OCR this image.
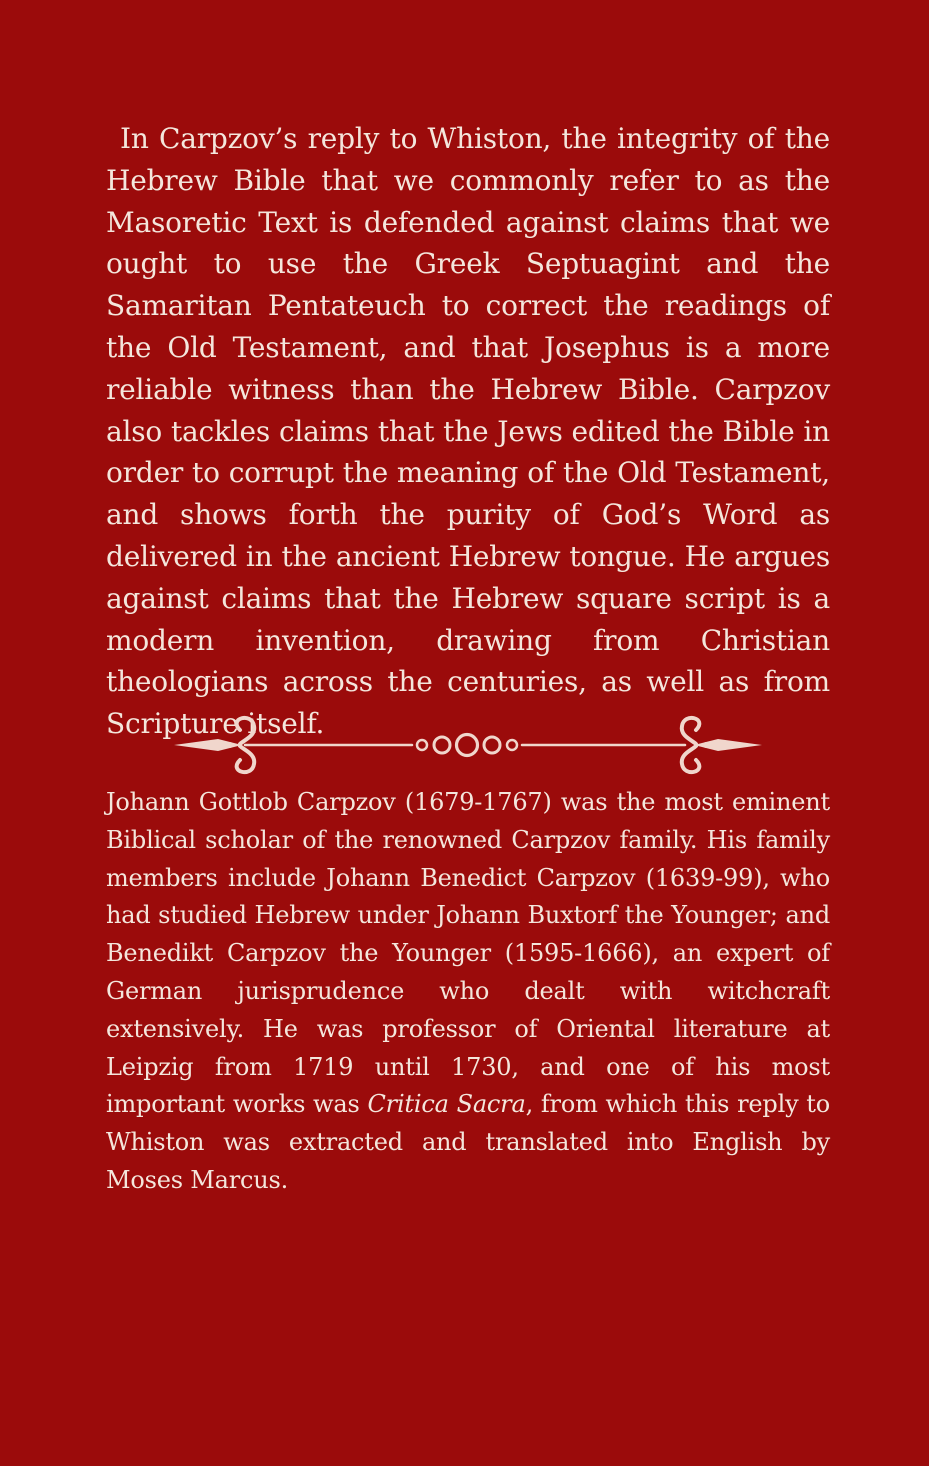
In Carpzov’s reply to Whiston, the integrity of the Hebrew Bible that we commonly refer to as the Masoretic Text is defended against claims that we ought to use the Greek Septuagint and the Samaritan Pentateuch to correct the readings of the Old Testament, and that Josephus is a more reliable witness than the Hebrew Bible. Carpzov also tackles claims that the Jews edited the Bible in order to corrupt the meaning of the Old Testament, and shows forth the purity of God’s Word as delivered in the ancient Hebrew tongue. He argues against claims that the Hebrew square script is a modern invention, drawing from Christian theologians across the centuries, as well as from Scripture itself.

Johann Gottlob Carpzov (1679-1767) was the most eminent Biblical scholar of the renowned Carpzov family. His family members include Johann Benedict Carpzov (1639-99), who had studied Hebrew under Johann Buxtorf the Younger; and Benedikt Carpzov the Younger (1595-1666), an expert of German jurisprudence who dealt with witchcraft extensively. He was professor of Oriental literature at Leipzig from 1719 until 1730, and one of his most important works was Critica Sacra, from which this reply to Whiston was extracted and translated into English by Moses Marcus.
